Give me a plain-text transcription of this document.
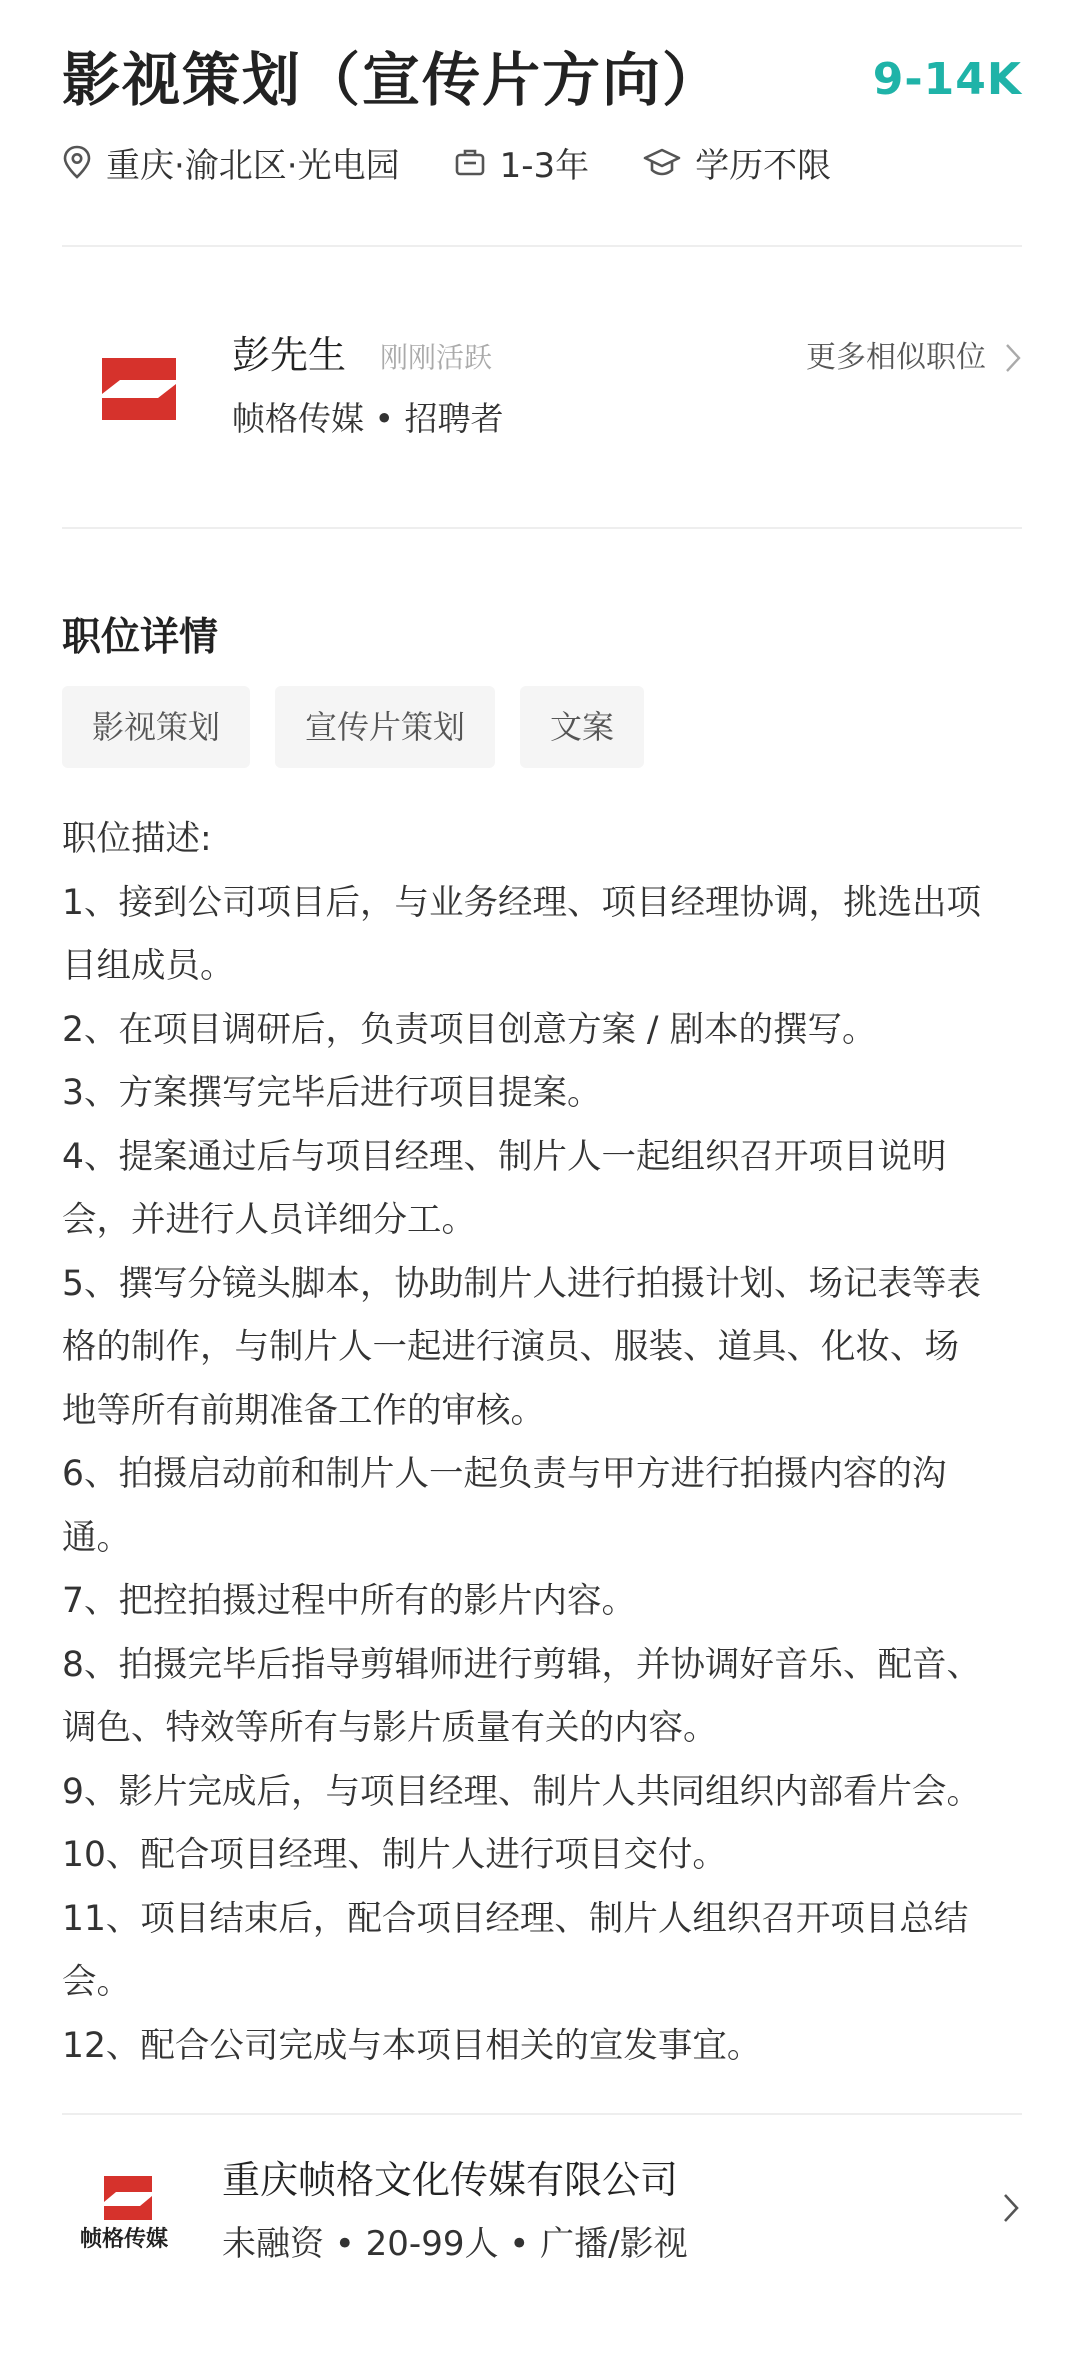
影视策划（宣传片方向）	9-14K
重庆·渝北区·光电园	1-3年	学历不限
彭先生 刚刚活跃
帧格传媒 • 招聘者
更多相似职位
职位详情
影视策划	宣传片策划	文案
职位描述:
1、接到公司项目后，与业务经理、项目经理协调，挑选出项
目组成员。
2、在项目调研后，负责项目创意方案 / 剧本的撰写。
3、方案撰写完毕后进行项目提案。
4、提案通过后与项目经理、制片人一起组织召开项目说明
会，并进行人员详细分工。
5、撰写分镜头脚本，协助制片人进行拍摄计划、场记表等表
格的制作，与制片人一起进行演员、服装、道具、化妆、场
地等所有前期准备工作的审核。
6、拍摄启动前和制片人一起负责与甲方进行拍摄内容的沟
通。
7、把控拍摄过程中所有的影片内容。
8、拍摄完毕后指导剪辑师进行剪辑，并协调好音乐、配音、
调色、特效等所有与影片质量有关的内容。
9、影片完成后，与项目经理、制片人共同组织内部看片会。
10、配合项目经理、制片人进行项目交付。
11、项目结束后，配合项目经理、制片人组织召开项目总结
会。
12、配合公司完成与本项目相关的宣发事宜。
帧格传媒
重庆帧格文化传媒有限公司
未融资 • 20-99人 • 广播/影视
